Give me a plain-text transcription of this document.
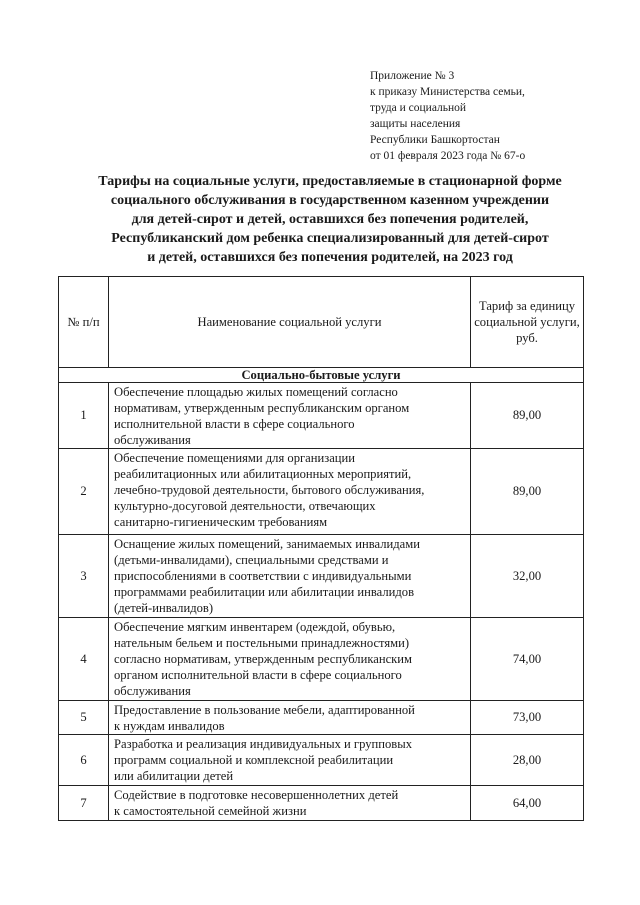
Приложение № 3
к приказу Министерства семьи,
труда и социальной
защиты населения
Республики Башкортостан
от 01 февраля 2023 года № 67-о
Тарифы на социальные услуги, предоставляемые в стационарной форме
социального обслуживания в государственном казенном учреждении
для детей-сирот и детей, оставшихся без попечения родителей,
Республиканский дом ребенка специализированный для детей-сирот
и детей, оставшихся без попечения родителей, на 2023 год
№ п/п	Наименование социальной услуги	Тариф за единицу социальной услуги, руб.
Социально-бытовые услуги		
1	Обеспечение площадью жилых помещений согласно
нормативам, утвержденным республиканским органом
исполнительной власти в сфере социального
обслуживания	89,00
2	Обеспечение помещениями для организации
реабилитационных или абилитационных мероприятий,
лечебно-трудовой деятельности, бытового обслуживания,
культурно-досуговой деятельности, отвечающих
санитарно-гигиеническим требованиям	89,00
3	Оснащение жилых помещений, занимаемых инвалидами
(детьми-инвалидами), специальными средствами и
приспособлениями в соответствии с индивидуальными
программами реабилитации или абилитации инвалидов
(детей-инвалидов)	32,00
4	Обеспечение мягким инвентарем (одеждой, обувью,
нательным бельем и постельными принадлежностями)
согласно нормативам, утвержденным республиканским
органом исполнительной власти в сфере социального
обслуживания	74,00
5	Предоставление в пользование мебели, адаптированной
к нуждам инвалидов	73,00
6	Разработка и реализация индивидуальных и групповых
программ социальной и комплексной реабилитации
или абилитации детей	28,00
7	Содействие в подготовке несовершеннолетних детей
к самостоятельной семейной жизни	64,00
